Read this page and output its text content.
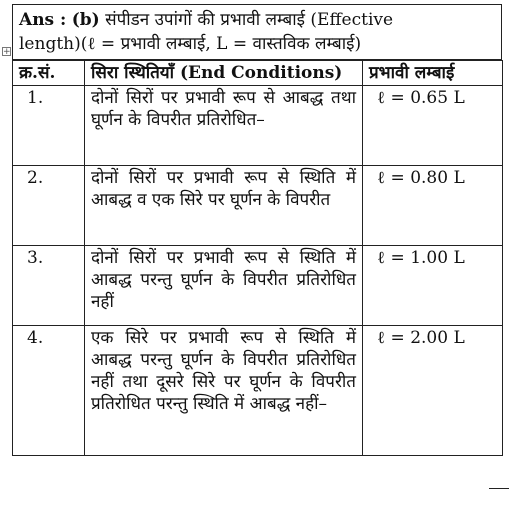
Ans : (b) संपीडन उपांगों की प्रभावी लम्बाई (Effective
length)(ℓ = प्रभावी लम्बाई, L = वास्तविक लम्बाई)
+
क्र.सं.	सिरा स्थितियाँ (End Conditions)	प्रभावी लम्बाई
1.	दोनों सिरों पर प्रभावी रूप से आबद्ध तथा घूर्णन के विपरीत प्रतिरोधित–	ℓ = 0.65 L
2.	दोनों सिरों पर प्रभावी रूप से स्थिति में आबद्ध व एक सिरे पर घूर्णन के विपरीत	ℓ = 0.80 L
3.	दोनों सिरों पर प्रभावी रूप से स्थिति में आबद्ध परन्तु घूर्णन के विपरीत प्रतिरोधित नहीं	ℓ = 1.00 L
4.	एक सिरे पर प्रभावी रूप से स्थिति में आबद्ध परन्तु घूर्णन के विपरीत प्रतिरोधित नहीं तथा दूसरे सिरे पर घूर्णन के विपरीत प्रतिरोधित परन्तु स्थिति में आबद्ध नहीं–	ℓ = 2.00 L
